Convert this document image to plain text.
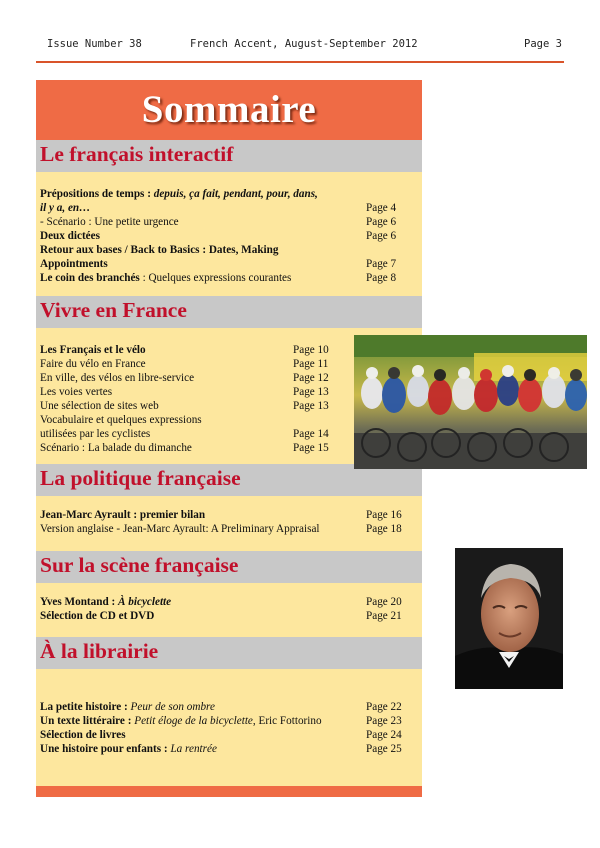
Issue Number 38	French Accent, August-September 2012	Page 3
Sommaire
Le français interactif
Prépositions de temps : depuis, ça fait, pendant, pour, dans,
il y a, en…	Page 4
- Scénario : Une petite urgence	Page 6
Deux dictées	Page 6
Retour aux bases / Back to Basics : Dates, Making
Appointments	Page 7
Le coin des branchés : Quelques expressions courantes	Page 8
Vivre en France
Les Français et le vélo	Page 10
Faire du vélo en France	Page 11
En ville, des vélos en libre-service	Page 12
Les voies vertes	Page 13
Une sélection de sites web	Page 13
Vocabulaire et quelques expressions
utilisées par les cyclistes	Page 14
Scénario : La balade du dimanche	Page 15
La politique française
Jean-Marc Ayrault : premier bilan	Page 16
Version anglaise - Jean-Marc Ayrault: A Preliminary Appraisal	Page 18
Sur la scène française
Yves Montand : À bicyclette	Page 20
Sélection de CD et DVD	Page 21
À la librairie
La petite histoire : Peur de son ombre	Page 22
Un texte littéraire : Petit éloge de la bicyclette, Eric Fottorino	Page 23
Sélection de livres	Page 24
Une histoire pour enfants : La rentrée	Page 25
